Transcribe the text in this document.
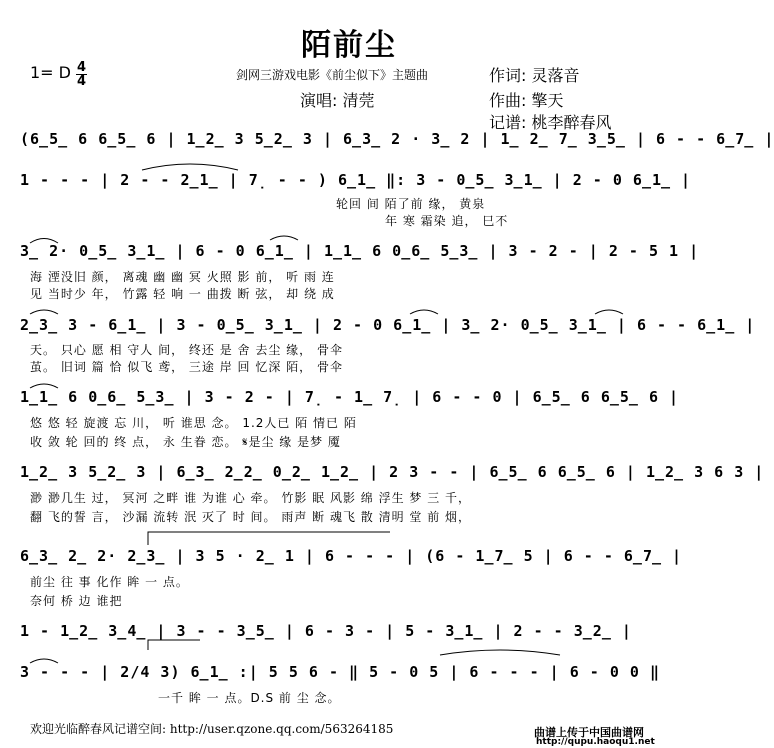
陌前尘
1= D $\frac{4}{4}$	剑网三游戏电影《前尘似下》主题曲	作词: 灵落音
演唱: 清莞	作曲: 擎天
记谱: 桃李醉春风
(6̲5̲ 6 6̲5̲ 6 | 1̲2̲ 3 5̲2̲ 3 | 6̲3̲ 2 · 3̲ 2 | 1̲ 2̲ 7̲ 3̲5̲ | 6 - - 6̲7̲ |
1 - - - | 2 - - 2̲1̲ | 7̣ - - ) 6̲1̲ ‖: 3 - 0̲5̲ 3̲1̲ | 2 - 0 6̲1̲ |
轮回 间 陌了前 缘， 黄泉
年 寒 霜染 追， 巳不
3̲ 2· 0̲5̲ 3̲1̲ | 6 - 0 6̲1̲ | 1̲1̲ 6 0̲6̲ 5̲3̲ | 3 - 2 - | 2 - 5 1 |
海 湮没旧 颜， 离魂 幽 幽 冥 火照 影 前， 听 雨 连
见 当时少 年， 竹露 轻 响 一 曲拨 断 弦， 却 绕 成
2̲3̲ 3 - 6̲1̲ | 3 - 0̲5̲ 3̲1̲ | 2 - 0 6̲1̲ | 3̲ 2· 0̲5̲ 3̲1̲ | 6 - - 6̲1̲ |
天。 只心 愿 相 守人 间， 终还 是 舍 去尘 缘， 骨伞
茧。 旧词 篇 恰 似飞 鸢， 三途 岸 回 忆深 陌， 骨伞
1̲1̲ 6 0̲6̲ 5̲3̲ | 3 - 2 - | 7̣ - 1̲ 7̣ | 6 - - 0 | 6̲5̲ 6 6̲5̲ 6 |
悠 悠 轻 旋渡 忘 川， 听 谁思 念。 1.2人已 陌 情已 陌
收 敛 轮 回的 终 点， 永 生眷 恋。 𝄋是尘 缘 是梦 魇
1̲2̲ 3 5̲2̲ 3 | 6̲3̲ 2̲2̲ 0̲2̲ 1̲2̲ | 2 3 - - | 6̲5̲ 6 6̲5̲ 6 | 1̲2̲ 3 6 3 |
渺 渺几生 过， 冥河 之畔 谁 为谁 心 牵。 竹影 眠 风影 绵 浮生 梦 三 千，
翻 飞的誓 言， 沙漏 流转 泯 灭了 时 间。 雨声 断 魂飞 散 清明 堂 前 烟，
6̲3̲ 2̲ 2· 2̲3̲ | 3 5 · 2̲ 1 | 6 - - - | (6 - 1̲7̲ 5 | 6 - - 6̲7̲ |
前尘 往 事 化作 眸 一 点。
奈何 桥 边 谁把
1 - 1̲2̲ 3̲4̲ | 3 - - 3̲5̲ | 6 - 3 - | 5 - 3̲1̲ | 2 - - 3̲2̲ |
3 - - - | 2/4 3) 6̲1̲ :| 5 5 6 - ‖ 5 - 0 5 | 6 - - - | 6 - 0 0 ‖
一千 眸 一 点。D.S 前 尘 念。
欢迎光临醉春风记谱空间: http://user.qzone.qq.com/563264185	曲谱上传于中国曲谱网
http://qupu.haoqu1.net
